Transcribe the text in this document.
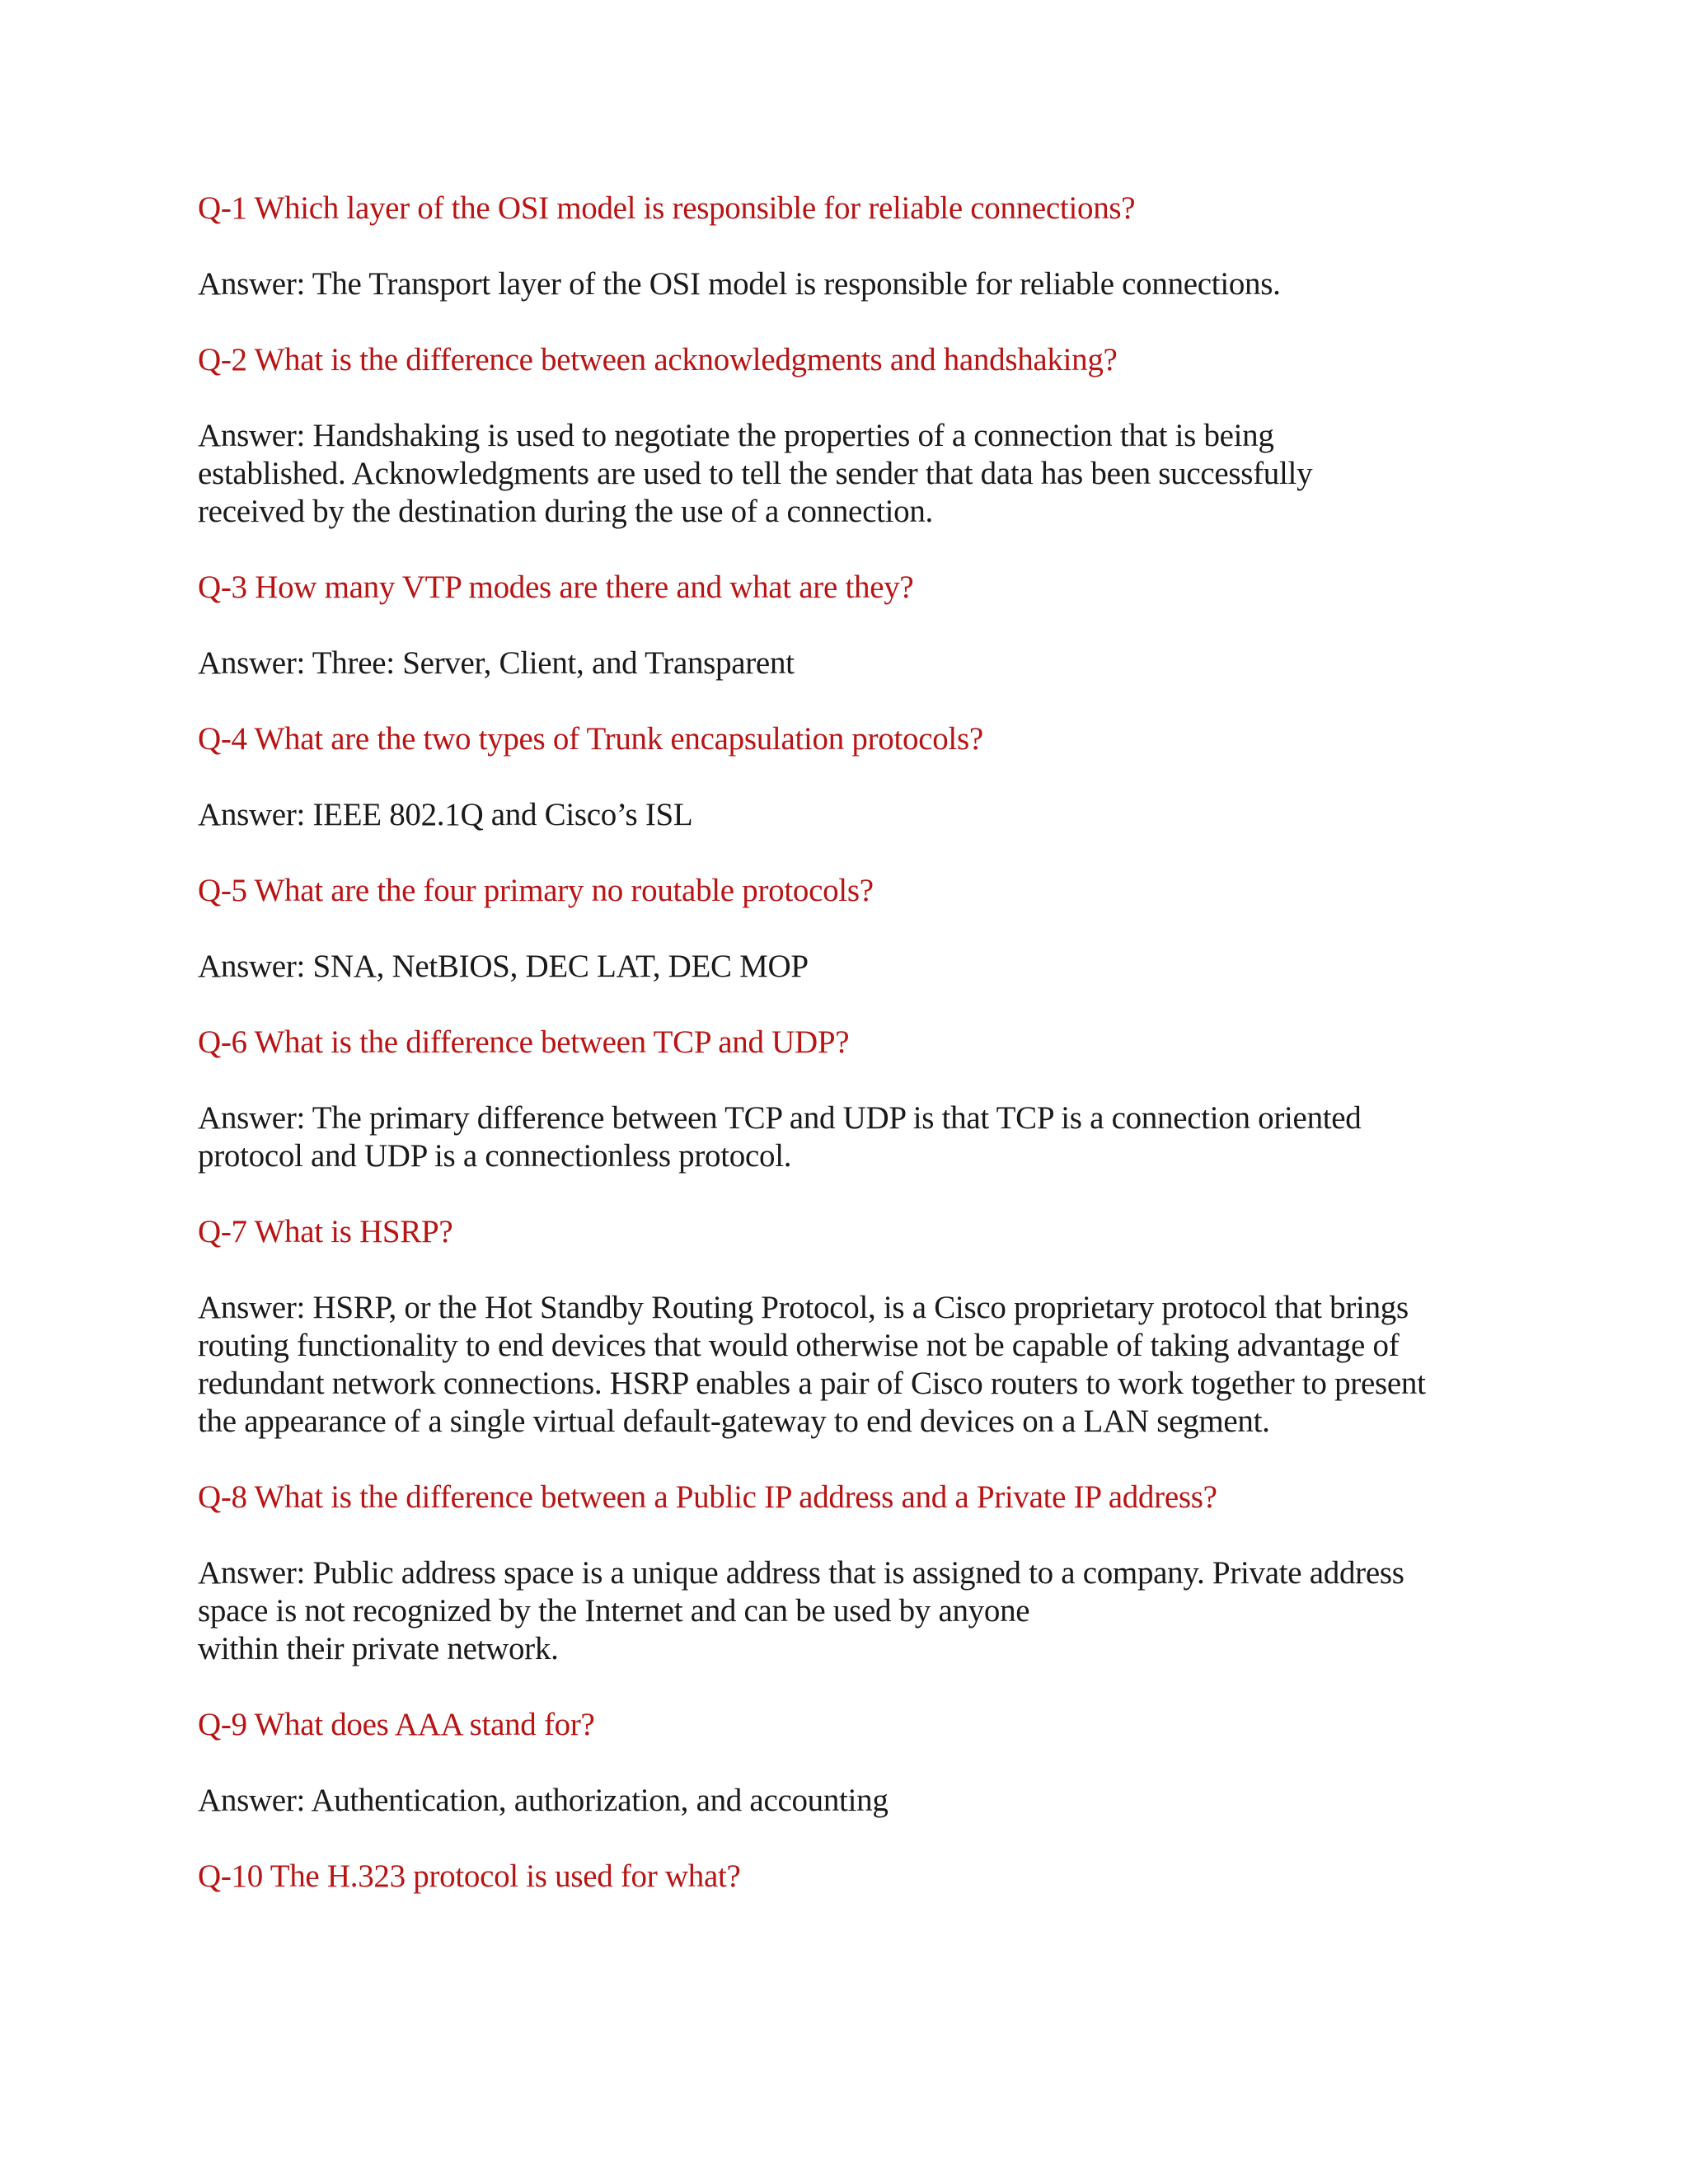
Q-1 Which layer of the OSI model is responsible for reliable connections?

Answer: The Transport layer of the OSI model is responsible for reliable connections.

Q-2 What is the difference between acknowledgments and handshaking?

Answer: Handshaking is used to negotiate the properties of a connection that is being
established. Acknowledgments are used to tell the sender that data has been successfully
received by the destination during the use of a connection.

Q-3 How many VTP modes are there and what are they?

Answer: Three: Server, Client, and Transparent

Q-4 What are the two types of Trunk encapsulation protocols?

Answer: IEEE 802.1Q and Cisco’s ISL

Q-5 What are the four primary no routable protocols?

Answer: SNA, NetBIOS, DEC LAT, DEC MOP

Q-6 What is the difference between TCP and UDP?

Answer: The primary difference between TCP and UDP is that TCP is a connection oriented
protocol and UDP is a connectionless protocol.

Q-7 What is HSRP?

Answer: HSRP, or the Hot Standby Routing Protocol, is a Cisco proprietary protocol that brings
routing functionality to end devices that would otherwise not be capable of taking advantage of
redundant network connections. HSRP enables a pair of Cisco routers to work together to present
the appearance of a single virtual default-gateway to end devices on a LAN segment.

Q-8 What is the difference between a Public IP address and a Private IP address?

Answer: Public address space is a unique address that is assigned to a company. Private address
space is not recognized by the Internet and can be used by anyone
within their private network.

Q-9 What does AAA stand for?

Answer: Authentication, authorization, and accounting

Q-10 The H.323 protocol is used for what?
